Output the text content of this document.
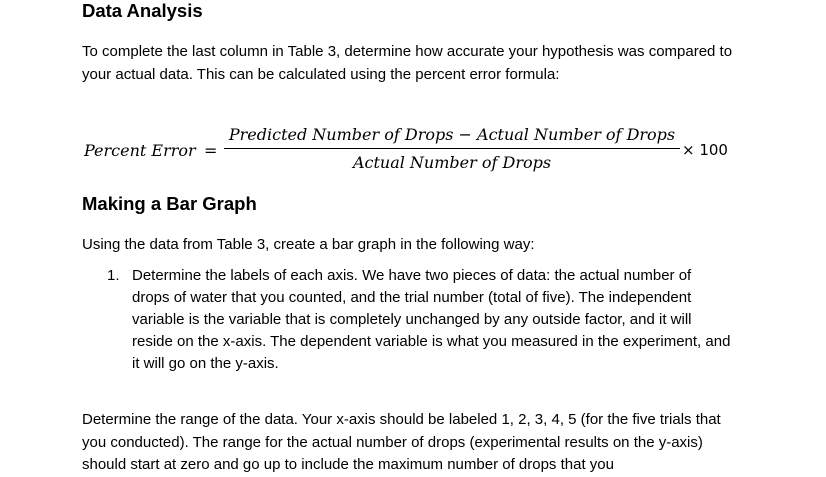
Data Analysis

To complete the last column in Table 3, determine how accurate your hypothesis was compared to your actual data. This can be calculated using the percent error formula:

Percent Error =
Predicted Number of Drops − Actual Number of Drops
Actual Number of Drops
× 100
Making a Bar Graph

Using the data from Table 3, create a bar graph in the following way:

1. Determine the labels of each axis. We have two pieces of data: the actual number of drops of water that you counted, and the trial number (total of five). The independent variable is the variable that is completely unchanged by any outside factor, and it will reside on the x-axis. The dependent variable is what you measured in the experiment, and it will go on the y-axis.

Determine the range of the data. Your x-axis should be labeled 1, 2, 3, 4, 5 (for the five trials that you conducted). The range for the actual number of drops (experimental results on the y-axis) should start at zero and go up to include the maximum number of drops that you
